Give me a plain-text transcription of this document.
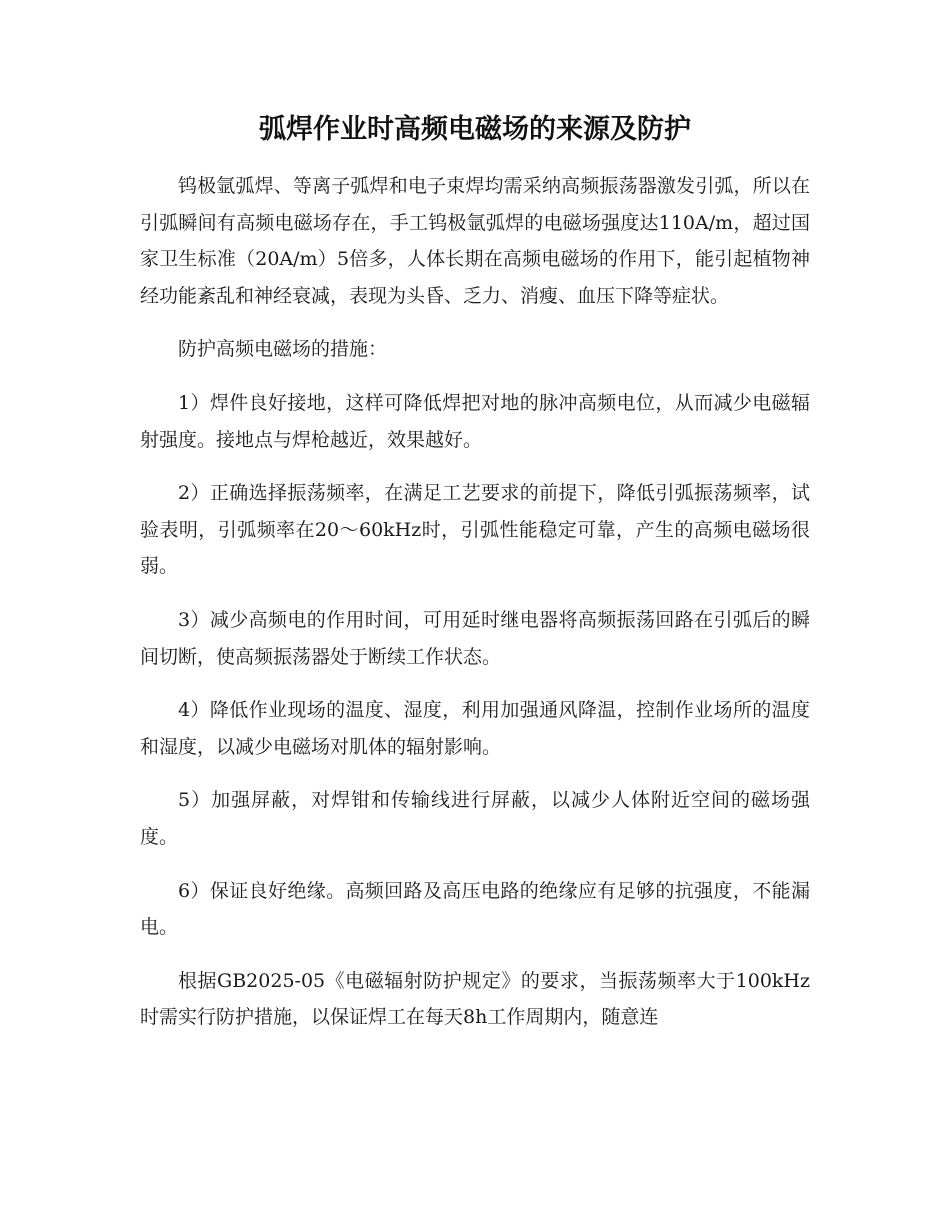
弧焊作业时高频电磁场的来源及防护

钨极氩弧焊、等离子弧焊和电子束焊均需采纳高频振荡器激发引弧，所以在引弧瞬间有高频电磁场存在，手工钨极氩弧焊的电磁场强度达110A/m，超过国家卫生标准（20A/m）5倍多，人体长期在高频电磁场的作用下，能引起植物神经功能紊乱和神经衰减，表现为头昏、乏力、消瘦、血压下降等症状。

防护高频电磁场的措施：

1）焊件良好接地，这样可降低焊把对地的脉冲高频电位，从而减少电磁辐射强度。接地点与焊枪越近，效果越好。

2）正确选择振荡频率，在满足工艺要求的前提下，降低引弧振荡频率，试验表明，引弧频率在20～60kHz时，引弧性能稳定可靠，产生的高频电磁场很弱。

3）减少高频电的作用时间，可用延时继电器将高频振荡回路在引弧后的瞬间切断，使高频振荡器处于断续工作状态。

4）降低作业现场的温度、湿度，利用加强通风降温，控制作业场所的温度和湿度，以减少电磁场对肌体的辐射影响。

5）加强屏蔽，对焊钳和传输线进行屏蔽，以减少人体附近空间的磁场强度。

6）保证良好绝缘。高频回路及高压电路的绝缘应有足够的抗强度，不能漏电。

根据GB2025-05《电磁辐射防护规定》的要求，当振荡频率大于100kHz时需实行防护措施，以保证焊工在每天8h工作周期内，随意连
